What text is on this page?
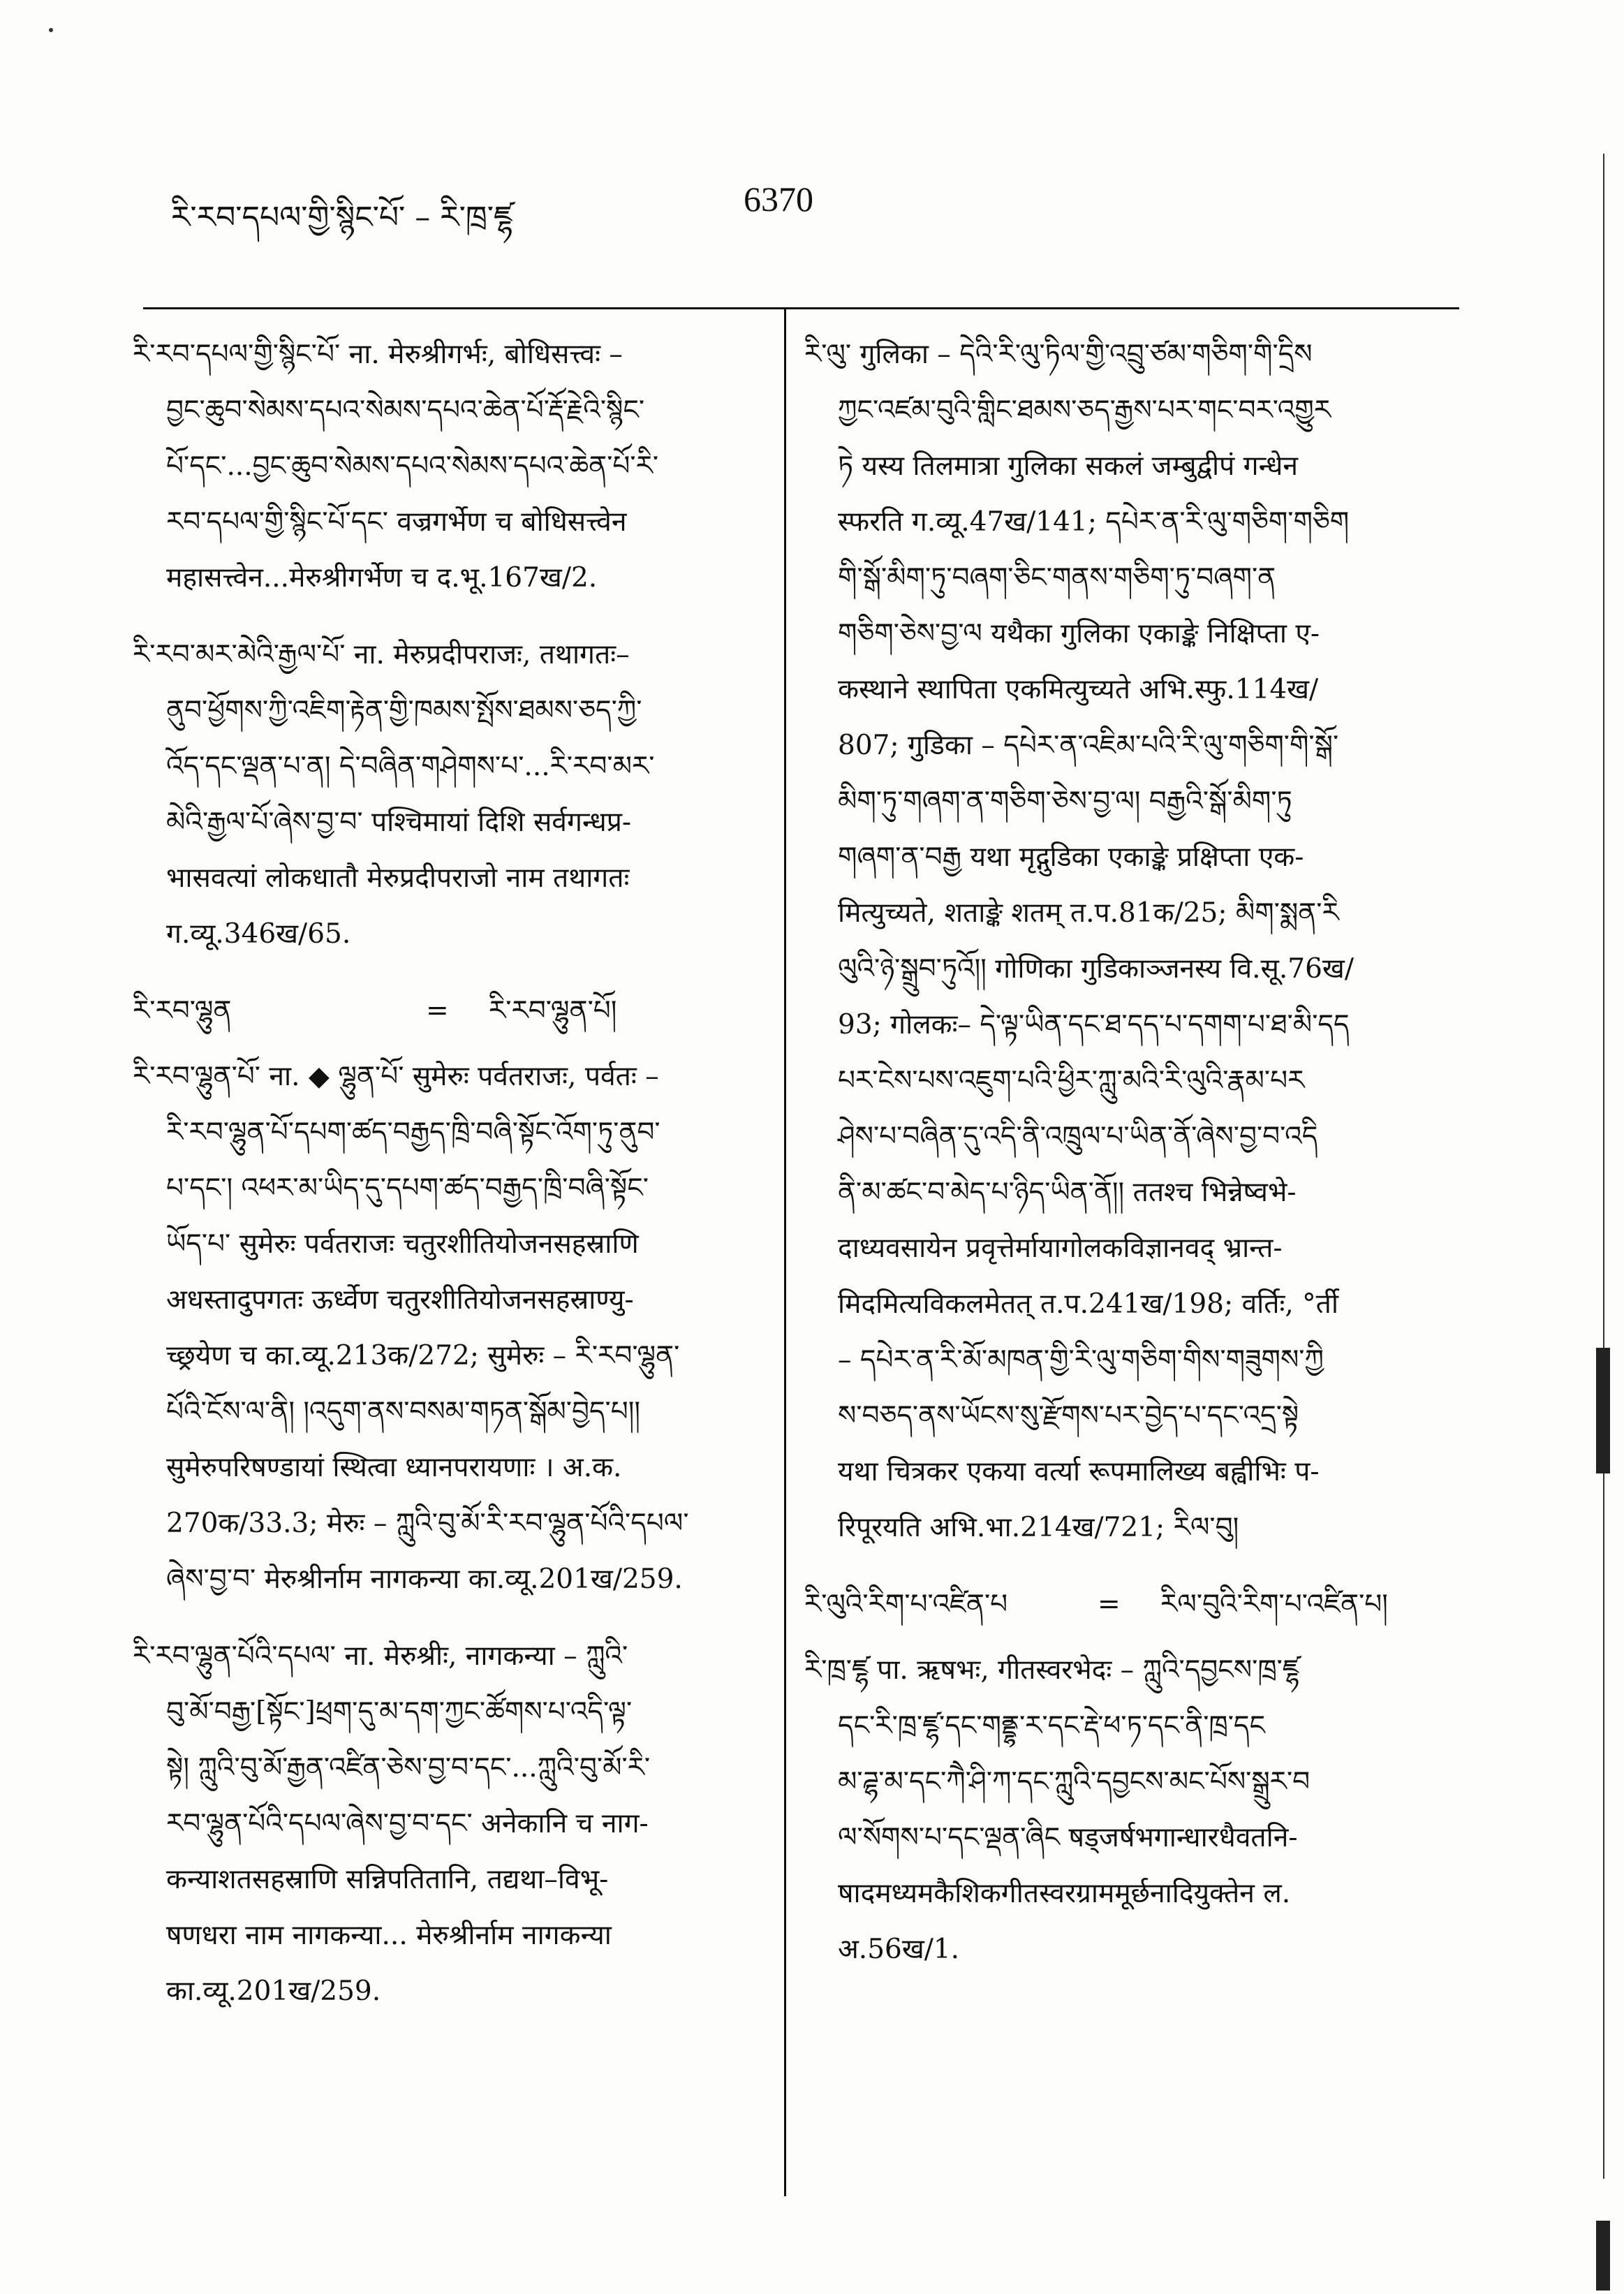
རི་རབ་དཔལ་གྱི་སྙིང་པོ་ – རི་ཁྲ་ཛྷ	6370

རི་རབ་དཔལ་གྱི་སྙིང་པོ་ ना. मेरुश्रीगर्भः, बोधिसत्त्वः –

བྱང་ཆུབ་སེམས་དཔའ་སེམས་དཔའ་ཆེན་པོ་རྡོ་རྗེའི་སྙིང་

པོ་དང་...བྱང་ཆུབ་སེམས་དཔའ་སེམས་དཔའ་ཆེན་པོ་རི་

རབ་དཔལ་གྱི་སྙིང་པོ་དང་ वज्रगर्भेण च बोधिसत्त्वेन

महासत्त्वेन...मेरुश्रीगर्भेण च द.भू.167ख/2.

རི་རབ་མར་མེའི་རྒྱལ་པོ་ ना. मेरुप्रदीपराजः, तथागतः–

ནུབ་ཕྱོགས་ཀྱི་འཇིག་རྟེན་གྱི་ཁམས་སྤོས་ཐམས་ཅད་ཀྱི་

འོད་དང་ལྡན་པ་ན། དེ་བཞིན་གཤེགས་པ་...རི་རབ་མར་

མེའི་རྒྱལ་པོ་ཞེས་བྱ་བ་ पश्चिमायां दिशि सर्वगन्धप्र-

भासवत्यां लोकधातौ मेरुप्रदीपराजो नाम तथागतः

ग.व्यू.346ख/65.

རི་རབ་ལྷུན	=	རི་རབ་ལྷུན་པོ།

རི་རབ་ལྷུན་པོ་ ना. ◆ ལྷུན་པོ་ सुमेरुः पर्वतराजः, पर्वतः –

རི་རབ་ལྷུན་པོ་དཔག་ཚད་བརྒྱད་ཁྲི་བཞི་སྟོང་འོག་ཏུ་ནུབ་

པ་དང་། འཕར་མ་ཡིད་དུ་དཔག་ཚད་བརྒྱད་ཁྲི་བཞི་སྟོང་

ཡོད་པ་ सुमेरुः पर्वतराजः चतुरशीतियोजनसहस्राणि

अधस्तादुपगतः ऊर्ध्वेण चतुरशीतियोजनसहस्राण्यु-

च्छ्रयेण च का.व्यू.213क/272; सुमेरुः – རི་རབ་ལྷུན་

པོའི་ངོས་ལ་ནི། །འདུག་ནས་བསམ་གཏན་སྒོམ་བྱེད་པ།།

सुमेरुपरिषण्डायां स्थित्वा ध्यानपरायणाः । अ.क.

270क/33.3; मेरुः – ཀླུའི་བུ་མོ་རི་རབ་ལྷུན་པོའི་དཔལ་

ཞེས་བྱ་བ་ मेरुश्रीर्नाम नागकन्या का.व्यू.201ख/259.

རི་རབ་ལྷུན་པོའི་དཔལ་ ना. मेरुश्रीः, नागकन्या – ཀླུའི་

བུ་མོ་བརྒྱ་[སྟོང་]ཕྲག་དུ་མ་དག་ཀྱང་ཚོགས་པ་འདི་ལྟ་

སྟེ། ཀླུའི་བུ་མོ་རྒྱན་འཛིན་ཅེས་བྱ་བ་དང་...ཀླུའི་བུ་མོ་རི་

རབ་ལྷུན་པོའི་དཔལ་ཞེས་བྱ་བ་དང་ अनेकानि च नाग-

कन्याशतसहस्राणि सन्निपतितानि, तद्यथा–विभू-

षणधरा नाम नागकन्या... मेरुश्रीर्नाम नागकन्या

का.व्यू.201ख/259.

རི་ལུ་ गुलिका – དེའི་རི་ལུ་ཏིལ་གྱི་འབྲུ་ཙམ་གཅིག་གི་དྲིས

ཀྱང་འཛམ་བུའི་གླིང་ཐམས་ཅད་རྒྱས་པར་གང་བར་འགྱུར

ཏེ यस्य तिलमात्रा गुलिका सकलं जम्बुद्वीपं गन्धेन

स्फरति ग.व्यू.47ख/141; དཔེར་ན་རི་ལུ་གཅིག་གཅིག

གི་སྒོ་མིག་ཏུ་བཞག་ཅིང་གནས་གཅིག་ཏུ་བཞག་ན

གཅིག་ཅེས་བྱ་ལ यथैका गुलिका एकाङ्के निक्षिप्ता ए-

कस्थाने स्थापिता एकमित्युच्यते अभि.स्फु.114ख/

807; गुडिका – དཔེར་ན་འཇིམ་པའི་རི་ལུ་གཅིག་གི་སྒོ་

མིག་ཏུ་གཞག་ན་གཅིག་ཅེས་བྱ་ལ། བརྒྱའི་སྒོ་མིག་ཏུ

གཞག་ན་བརྒྱ यथा मृद्गुडिका एकाङ्के प्रक्षिप्ता एक-

मित्युच्यते, शताङ्के शतम् त.प.81क/25; མིག་སྨན་རི

ལུའི་ཉེ་སྒྲུབ་ཏུའོ།། गोणिका गुडिकाञ्जनस्य वि.सू.76ख/

93; गोलकः– དེ་ལྟ་ཡིན་དང་ཐ་དད་པ་དགག་པ་ཐ་མི་དད

པར་ངེས་པས་འཇུག་པའི་ཕྱིར་ཀླུ་མའི་རི་ལུའི་རྣམ་པར

ཤེས་པ་བཞིན་དུ་འདི་ནི་འཁྲུལ་པ་ཡིན་ནོ་ཞེས་བྱ་བ་འདི

ནི་མ་ཚང་བ་མེད་པ་ཉིད་ཡིན་ནོ།། ततश्च भिन्नेष्वभे-

दाध्यवसायेन प्रवृत्तेर्मायागोलकविज्ञानवद् भ्रान्त-

मिदमित्यविकलमेतत् त.प.241ख/198; वर्तिः, °र्ती

– དཔེར་ན་རི་མོ་མཁན་གྱི་རི་ལུ་གཅིག་གིས་གཟུགས་ཀྱི

ས་བཅད་ནས་ཡོངས་སུ་རྫོགས་པར་བྱེད་པ་དང་འདྲ་སྟེ

यथा चित्रकर एकया वर्त्या रूपमालिख्य बह्वीभिः प-

रिपूरयति अभि.भा.214ख/721; རིལ་བུ།

རི་ལུའི་རིག་པ་འཛིན་པ	=	རིལ་བུའི་རིག་པ་འཛིན་པ།

རི་ཁྲ་ཛྷ पा. ऋषभः, गीतस्वरभेदः – ཀླུའི་དབྱངས་ཁྲ་ཛྷ

དང་རི་ཁྲ་ཛྷ་དང་གནྡྷ་ར་དང་རྡེ་ཕ་ཏ་དང་ནི་ཁྲ་དང

མ་ཌྷ་མ་དང་ཀཻ་ཤི་ཀ་དང་ཀླུའི་དབྱངས་མང་པོས་སྒྲུར་བ

ལ་སོགས་པ་དང་ལྡན་ཞིང षड्जर्षभगान्धारधैवतनि-

षादमध्यमकैशिकगीतस्वरग्राममूर्छनादियुक्तेन ल.

अ.56ख/1.
